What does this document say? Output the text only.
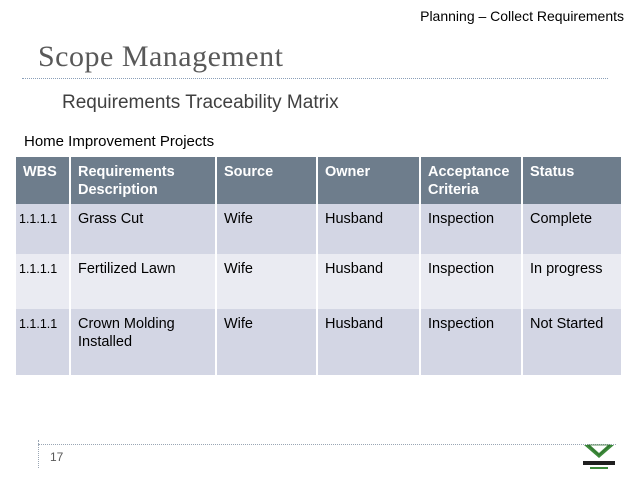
Planning – Collect Requirements
Scope Management
Requirements Traceability Matrix
Home Improvement Projects
WBS	Requirements Description	Source	Owner	Acceptance Criteria	Status
1.1.1.1	Grass Cut	Wife	Husband	Inspection	Complete
1.1.1.1	Fertilized Lawn	Wife	Husband	Inspection	In progress
1.1.1.1	Crown Molding Installed	Wife	Husband	Inspection	Not Started
17
